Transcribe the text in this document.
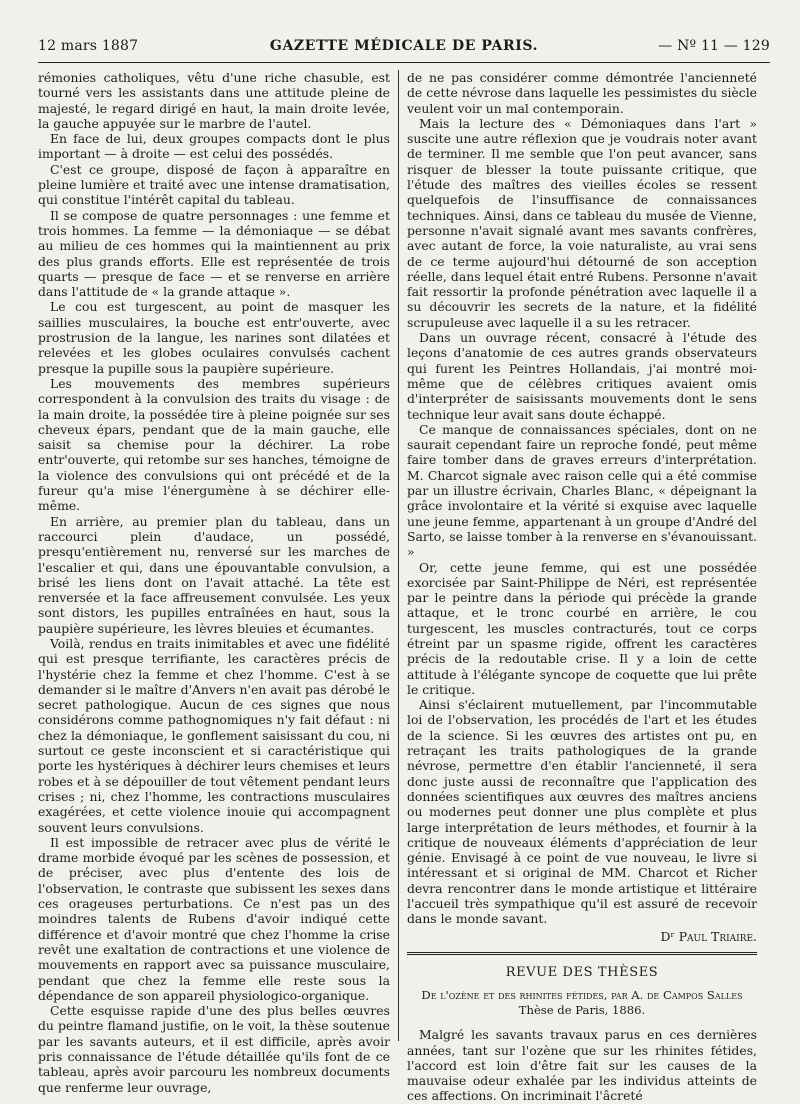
12 mars 1887	GAZETTE MÉDICALE DE PARIS.	— Nº 11 — 129

rémonies catholiques, vêtu d'une riche chasuble, est tourné vers les assistants dans une attitude pleine de majesté, le regard dirigé en haut, la main droite levée, la gauche appuyée sur le marbre de l'autel.

En face de lui, deux groupes compacts dont le plus important — à droite — est celui des possédés.

C'est ce groupe, disposé de façon à apparaître en pleine lumière et traité avec une intense dramatisation, qui constitue l'intérêt capital du tableau.

Il se compose de quatre personnages : une femme et trois hommes. La femme — la démoniaque — se débat au milieu de ces hommes qui la maintiennent au prix des plus grands efforts. Elle est représentée de trois quarts — presque de face — et se renverse en arrière dans l'attitude de « la grande attaque ».

Le cou est turgescent, au point de masquer les saillies musculaires, la bouche est entr'ouverte, avec prostrusion de la langue, les narines sont dilatées et relevées et les globes oculaires convulsés cachent presque la pupille sous la paupière supérieure.

Les mouvements des membres supérieurs correspondent à la convulsion des traits du visage : de la main droite, la possédée tire à pleine poignée sur ses cheveux épars, pendant que de la main gauche, elle saisit sa chemise pour la déchirer. La robe entr'ouverte, qui retombe sur ses hanches, témoigne de la violence des convulsions qui ont précédé et de la fureur qu'a mise l'énergumène à se déchirer elle-même.

En arrière, au premier plan du tableau, dans un raccourci plein d'audace, un possédé, presqu'entièrement nu, renversé sur les marches de l'escalier et qui, dans une épouvantable convulsion, a brisé les liens dont on l'avait attaché. La tête est renversée et la face affreusement convulsée. Les yeux sont distors, les pupilles entraînées en haut, sous la paupière supérieure, les lèvres bleuies et écumantes.

Voilà, rendus en traits inimitables et avec une fidélité qui est presque terrifiante, les caractères précis de l'hystérie chez la femme et chez l'homme. C'est à se demander si le maître d'Anvers n'en avait pas dérobé le secret pathologique. Aucun de ces signes que nous considérons comme pathognomiques n'y fait défaut : ni chez la démoniaque, le gonflement saisissant du cou, ni surtout ce geste inconscient et si caractéristique qui porte les hystériques à déchirer leurs chemises et leurs robes et à se dépouiller de tout vêtement pendant leurs crises ; ni, chez l'homme, les contractions musculaires exagérées, et cette violence inouie qui accompagnent souvent leurs convulsions.

Il est impossible de retracer avec plus de vérité le drame morbide évoqué par les scènes de possession, et de préciser, avec plus d'entente des lois de l'observation, le contraste que subissent les sexes dans ces orageuses perturbations. Ce n'est pas un des moindres talents de Rubens d'avoir indiqué cette différence et d'avoir montré que chez l'homme la crise revêt une exaltation de contractions et une violence de mouvements en rapport avec sa puissance musculaire, pendant que chez la femme elle reste sous la dépendance de son appareil physiologico-organique.

Cette esquisse rapide d'une des plus belles œuvres du peintre flamand justifie, on le voit, la thèse soutenue par les savants auteurs, et il est difficile, après avoir pris connaissance de l'étude détaillée qu'ils font de ce tableau, après avoir parcouru les nombreux documents que renferme leur ouvrage,

de ne pas considérer comme démontrée l'ancienneté de cette névrose dans laquelle les pessimistes du siècle veulent voir un mal contemporain.

Mais la lecture des « Démoniaques dans l'art » suscite une autre réflexion que je voudrais noter avant de terminer. Il me semble que l'on peut avancer, sans risquer de blesser la toute puissante critique, que l'étude des maîtres des vieilles écoles se ressent quelquefois de l'insuffisance de connaissances techniques. Ainsi, dans ce tableau du musée de Vienne, personne n'avait signalé avant mes savants confrères, avec autant de force, la voie naturaliste, au vrai sens de ce terme aujourd'hui détourné de son acception réelle, dans lequel était entré Rubens. Personne n'avait fait ressortir la profonde pénétration avec laquelle il a su découvrir les secrets de la nature, et la fidélité scrupuleuse avec laquelle il a su les retracer.

Dans un ouvrage récent, consacré à l'étude des leçons d'anatomie de ces autres grands observateurs qui furent les Peintres Hollandais, j'ai montré moi-même que de célèbres critiques avaient omis d'interpréter de saisissants mouvements dont le sens technique leur avait sans doute échappé.

Ce manque de connaissances spéciales, dont on ne saurait cependant faire un reproche fondé, peut même faire tomber dans de graves erreurs d'interprétation. M. Charcot signale avec raison celle qui a été commise par un illustre écrivain, Charles Blanc, « dépeignant la grâce involontaire et la vérité si exquise avec laquelle une jeune femme, appartenant à un groupe d'André del Sarto, se laisse tomber à la renverse en s'évanouissant. »

Or, cette jeune femme, qui est une possédée exorcisée par Saint-Philippe de Néri, est représentée par le peintre dans la période qui précède la grande attaque, et le tronc courbé en arrière, le cou turgescent, les muscles contracturés, tout ce corps étreint par un spasme rigide, offrent les caractères précis de la redoutable crise. Il y a loin de cette attitude à l'élégante syncope de coquette que lui prête le critique.

Ainsi s'éclairent mutuellement, par l'incommutable loi de l'observation, les procédés de l'art et les études de la science. Si les œuvres des artistes ont pu, en retraçant les traits pathologiques de la grande névrose, permettre d'en établir l'ancienneté, il sera donc juste aussi de reconnaître que l'application des données scientifiques aux œuvres des maîtres anciens ou modernes peut donner une plus complète et plus large interprétation de leurs méthodes, et fournir à la critique de nouveaux éléments d'appréciation de leur génie. Envisagé à ce point de vue nouveau, le livre si intéressant et si original de MM. Charcot et Richer devra rencontrer dans le monde artistique et littéraire l'accueil très sympathique qu'il est assuré de recevoir dans le monde savant.

Dʳ Paul Triaire.

REVUE DES THÈSES

De l'ozène et des rhinites fétides, par A. de Campos Salles
Thèse de Paris, 1886.

Malgré les savants travaux parus en ces dernières années, tant sur l'ozène que sur les rhinites fétides, l'accord est loin d'être fait sur les causes de la mauvaise odeur exhalée par les individus atteints de ces affections. On incriminait l'âcreté
